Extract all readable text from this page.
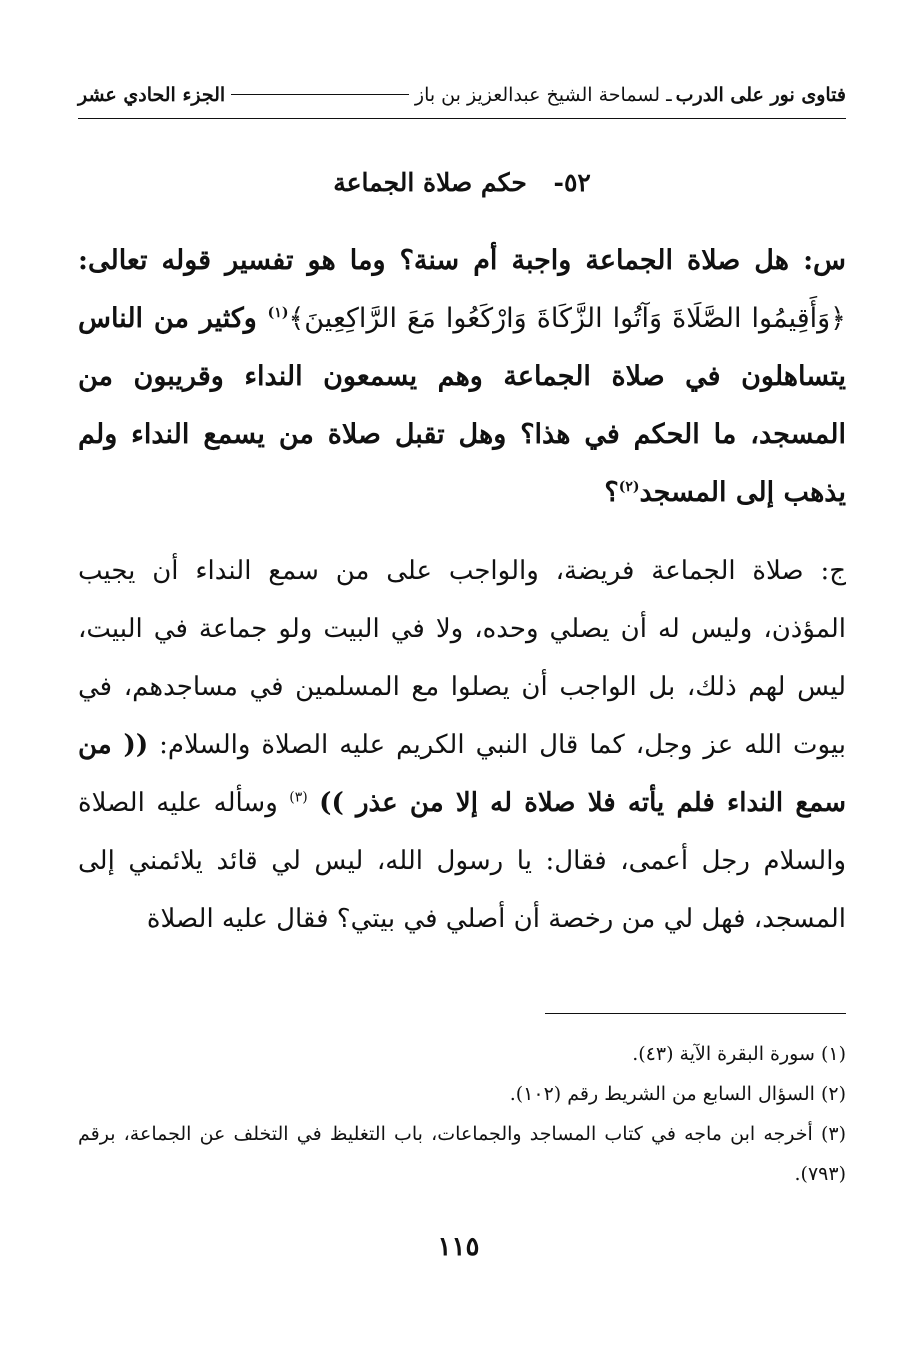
فتاوى نور على الدرب
ـ لسماحة الشيخ عبدالعزيز بن باز
الجزء الحادي عشر
٥٢- حكم صلاة الجماعة
س: هل صلاة الجماعة واجبة أم سنة؟ وما هو تفسير قوله تعالى: ﴿وَأَقِيمُوا الصَّلَاةَ وَآتُوا الزَّكَاةَ وَارْكَعُوا مَعَ الرَّاكِعِينَ﴾$^{(١)}$ وكثير من الناس يتساهلون في صلاة الجماعة وهم يسمعون النداء وقريبون من المسجد، ما الحكم في هذا؟ وهل تقبل صلاة من يسمع النداء ولم يذهب إلى المسجد$^{(٢)}$؟
ج: صلاة الجماعة فريضة، والواجب على من سمع النداء أن يجيب المؤذن، وليس له أن يصلي وحده، ولا في البيت ولو جماعة في البيت، ليس لهم ذلك، بل الواجب أن يصلوا مع المسلمين في مساجدهم، في بيوت الله عز وجل، كما قال النبي الكريم عليه الصلاة والسلام: (( من سمع النداء فلم يأته فلا صلاة له إلا من عذر )) $^{(٣)}$ وسأله عليه الصلاة والسلام رجل أعمى، فقال: يا رسول الله، ليس لي قائد يلائمني إلى المسجد، فهل لي من رخصة أن أصلي في بيتي؟ فقال عليه الصلاة

(١) سورة البقرة الآية (٤٣).

(٢) السؤال السابع من الشريط رقم (١٠٢).

(٣) أخرجه ابن ماجه في كتاب المساجد والجماعات، باب التغليظ في التخلف عن الجماعة، برقم (٧٩٣).

١١٥
